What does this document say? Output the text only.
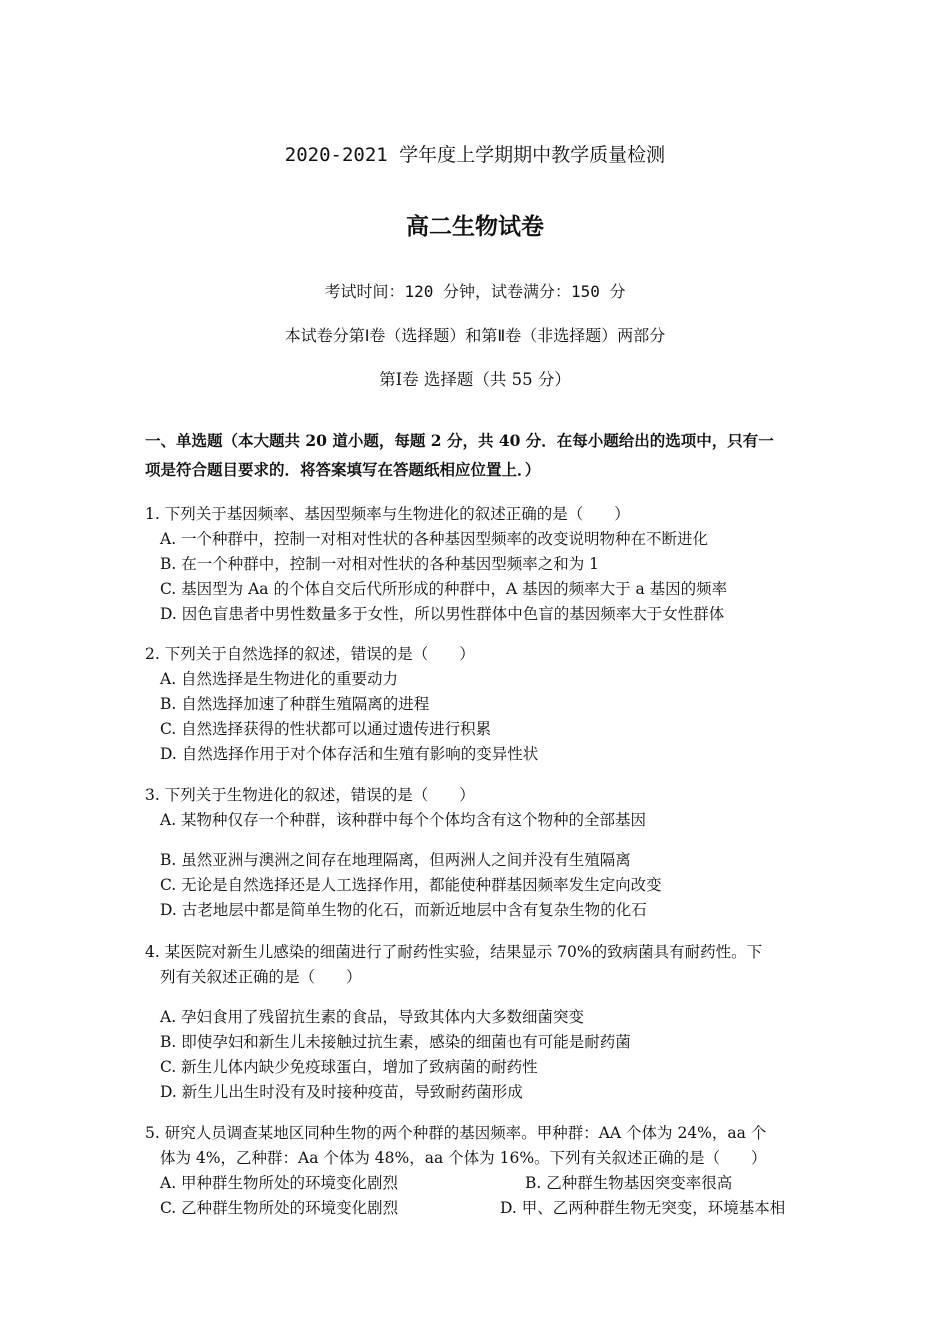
2020-2021 学年度上学期期中教学质量检测
高二生物试卷
考试时间：120 分钟，试卷满分：150 分
本试卷分第Ⅰ卷（选择题）和第Ⅱ卷（非选择题）两部分
第Ⅰ卷 选择题（共 55 分）
一、单选题（本大题共 20 道小题，每题 2 分，共 40 分．在每小题给出的选项中，只有一
项是符合题目要求的．将答案填写在答题纸相应位置上．）
1. 下列关于基因频率、基因型频率与生物进化的叙述正确的是（　　）
A. 一个种群中，控制一对相对性状的各种基因型频率的改变说明物种在不断进化
B. 在一个种群中，控制一对相对性状的各种基因型频率之和为 1
C. 基因型为 Aa 的个体自交后代所形成的种群中，A 基因的频率大于 a 基因的频率
D. 因色盲患者中男性数量多于女性，所以男性群体中色盲的基因频率大于女性群体
2. 下列关于自然选择的叙述，错误的是（　　）
A. 自然选择是生物进化的重要动力
B. 自然选择加速了种群生殖隔离的进程
C. 自然选择获得的性状都可以通过遗传进行积累
D. 自然选择作用于对个体存活和生殖有影响的变异性状
3. 下列关于生物进化的叙述，错误的是（　　）
A. 某物种仅存一个种群，该种群中每个个体均含有这个物种的全部基因
B. 虽然亚洲与澳洲之间存在地理隔离，但两洲人之间并没有生殖隔离
C. 无论是自然选择还是人工选择作用，都能使种群基因频率发生定向改变
D. 古老地层中都是简单生物的化石，而新近地层中含有复杂生物的化石
4. 某医院对新生儿感染的细菌进行了耐药性实验，结果显示 70%的致病菌具有耐药性。下
列有关叙述正确的是（　　）
A. 孕妇食用了残留抗生素的食品，导致其体内大多数细菌突变
B. 即使孕妇和新生儿未接触过抗生素，感染的细菌也有可能是耐药菌
C. 新生儿体内缺少免疫球蛋白，增加了致病菌的耐药性
D. 新生儿出生时没有及时接种疫苗，导致耐药菌形成
5. 研究人员调查某地区同种生物的两个种群的基因频率。甲种群：AA 个体为 24%，aa 个
体为 4%，乙种群：Aa 个体为 48%，aa 个体为 16%。下列有关叙述正确的是（　　）
A. 甲种群生物所处的环境变化剧烈	B. 乙种群生物基因突变率很高
C. 乙种群生物所处的环境变化剧烈	D. 甲、乙两种群生物无突变，环境基本相
